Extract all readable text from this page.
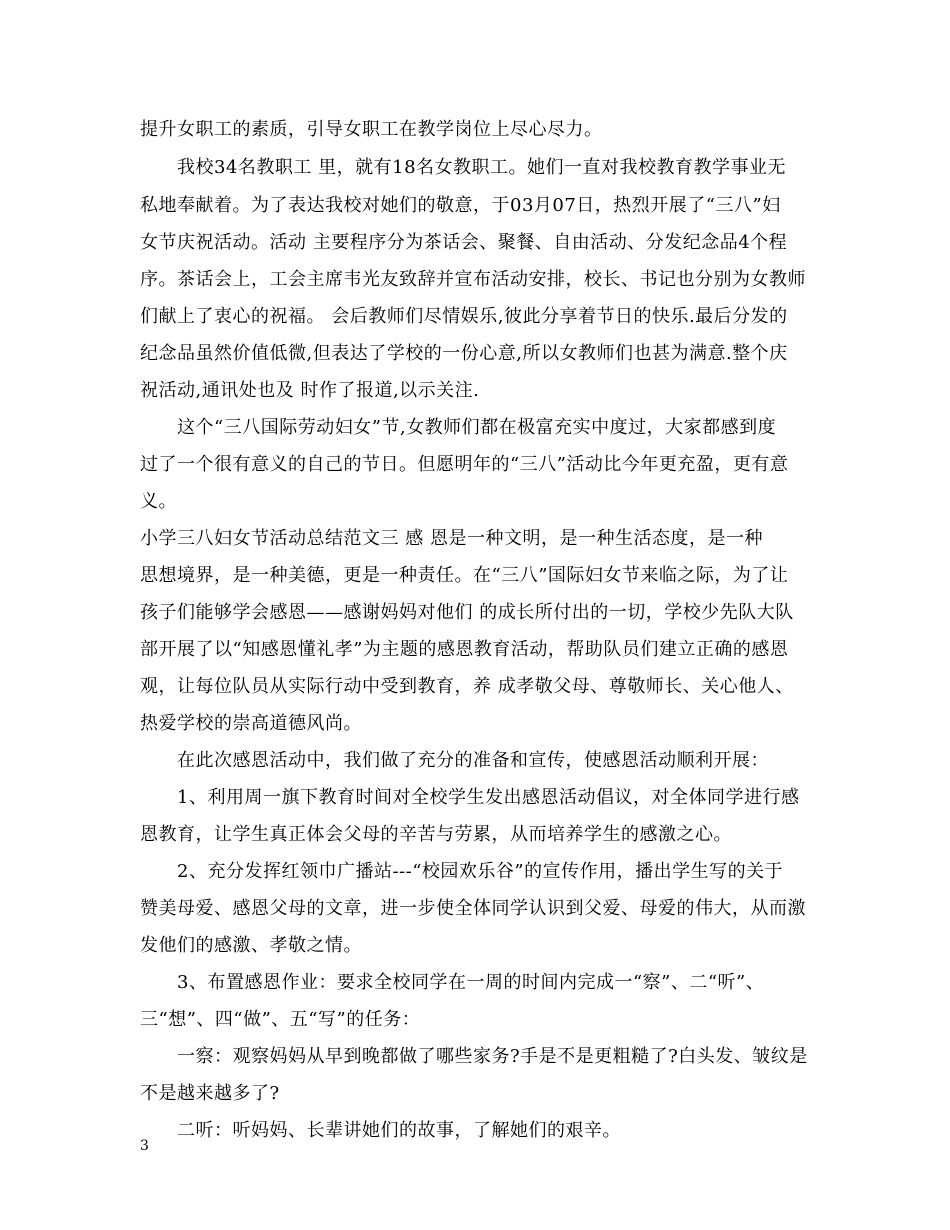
提升女职工的素质，引导女职工在教学岗位上尽心尽力。
我校34名教职工 里，就有18名女教职工。她们一直对我校教育教学事业无
私地奉献着。为了表达我校对她们的敬意，于03月07日，热烈开展了“三八”妇
女节庆祝活动。活动 主要程序分为茶话会、聚餐、自由活动、分发纪念品4个程
序。茶话会上，工会主席韦光友致辞并宣布活动安排，校长、书记也分别为女教师
们献上了衷心的祝福。 会后教师们尽情娱乐,彼此分享着节日的快乐.最后分发的
纪念品虽然价值低微,但表达了学校的一份心意,所以女教师们也甚为满意.整个庆
祝活动,通讯处也及 时作了报道,以示关注.
这个“三八国际劳动妇女”节,女教师们都在极富充实中度过，大家都感到度
过了一个很有意义的自己的节日。但愿明年的“三八”活动比今年更充盈，更有意
义。
小学三八妇女节活动总结范文三 感 恩是一种文明，是一种生活态度，是一种
思想境界，是一种美德，更是一种责任。在“三八”国际妇女节来临之际，为了让
孩子们能够学会感恩——感谢妈妈对他们 的成长所付出的一切，学校少先队大队
部开展了以“知感恩懂礼孝”为主题的感恩教育活动，帮助队员们建立正确的感恩
观，让每位队员从实际行动中受到教育，养 成孝敬父母、尊敬师长、关心他人、
热爱学校的崇高道德风尚。
在此次感恩活动中，我们做了充分的准备和宣传，使感恩活动顺利开展：
1、利用周一旗下教育时间对全校学生发出感恩活动倡议，对全体同学进行感
恩教育，让学生真正体会父母的辛苦与劳累，从而培养学生的感激之心。
2、充分发挥红领巾广播站---“校园欢乐谷”的宣传作用，播出学生写的关于
赞美母爱、感恩父母的文章，进一步使全体同学认识到父爱、母爱的伟大，从而激
发他们的感激、孝敬之情。
3、布置感恩作业：要求全校同学在一周的时间内完成一“察”、二“听”、
三“想”、四“做”、五“写”的任务：
一察：观察妈妈从早到晚都做了哪些家务?手是不是更粗糙了?白头发、皱纹是
不是越来越多了?
二听：听妈妈、长辈讲她们的故事，了解她们的艰辛。
3
